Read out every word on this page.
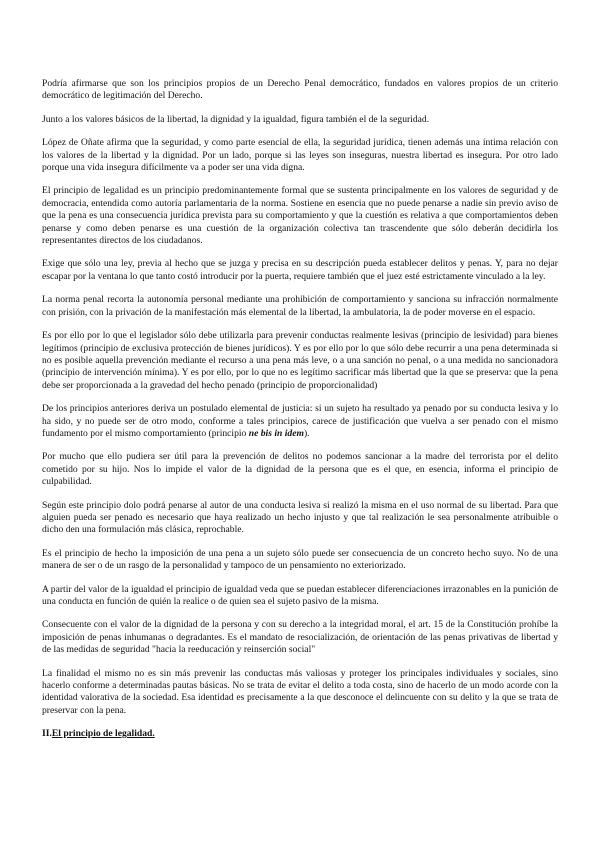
Podría afirmarse que son los principios propios de un Derecho Penal democrático, fundados en valores propios de un criterio democrático de legitimación del Derecho.

Junto a los valores básicos de la libertad, la dignidad y la igualdad, figura también el de la seguridad.

López de Oñate afirma que la seguridad, y como parte esencial de ella, la seguridad jurídica, tienen además una íntima relación con los valores de la libertad y la dignidad. Por un lado, porque si las leyes son inseguras, nuestra libertad es insegura. Por otro lado porque una vida insegura difícilmente va a poder ser una vida digna.

El principio de legalidad es un principio predominantemente formal que se sustenta principalmente en los valores de seguridad y de democracia, entendida como autoría parlamentaria de la norma. Sostiene en esencia que no puede penarse a nadie sin previo aviso de que la pena es una consecuencia jurídica prevista para su comportamiento y que la cuestión es relativa a que comportamientos deben penarse y como deben penarse es una cuestión de la organización colectiva tan trascendente que sólo deberán decidirla los representantes directos de los ciudadanos.

Exige que sólo una ley, previa al hecho que se juzga y precisa en su descripción pueda establecer delitos y penas. Y, para no dejar escapar por la ventana lo que tanto costó introducir por la puerta, requiere también que el juez esté estrictamente vinculado a la ley.

La norma penal recorta la autonomía personal mediante una prohibición de comportamiento y sanciona su infracción normalmente con prisión, con la privación de la manifestación más elemental de la libertad, la ambulatoria, la de poder moverse en el espacio.

Es por ello por lo que el legislador sólo debe utilizarla para prevenir conductas realmente lesivas (principio de lesividad) para bienes legítimos (principio de exclusiva protección de bienes jurídicos). Y es por ello por lo que sólo debe recurrir a una pena determinada si no es posible aquella prevención mediante el recurso a una pena más leve, o a una sanción no penal, o a una medida no sancionadora (principio de intervención mínima). Y es por ello, por lo que no es legítimo sacrificar más libertad que la que se preserva: que la pena debe ser proporcionada a la gravedad del hecho penado (principio de proporcionalidad)

De los principios anteriores deriva un postulado elemental de justicia: si un sujeto ha resultado ya penado por su conducta lesiva y lo ha sido, y no puede ser de otro modo, conforme a tales principios, carece de justificación que vuelva a ser penado con el mismo fundamento por el mismo comportamiento (principio ne bis in idem).

Por mucho que ello pudiera ser útil para la prevención de delitos no podemos sancionar a la madre del terrorista por el delito cometido por su hijo. Nos lo impide el valor de la dignidad de la persona que es el que, en esencia, informa el principio de culpabilidad.

Según este principio dolo podrá penarse al autor de una conducta lesiva si realizó la misma en el uso normal de su libertad. Para que alguien pueda ser penado es necesario que haya realizado un hecho injusto y que tal realización le sea personalmente atribuible o dicho den una formulación más clásica, reprochable.

Es el principio de hecho la imposición de una pena a un sujeto sólo puede ser consecuencia de un concreto hecho suyo. No de una manera de ser o de un rasgo de la personalidad y tampoco de un pensamiento no exteriorizado.

A partir del valor de la igualdad el principio de igualdad veda que se puedan establecer diferenciaciones irrazonables en la punición de una conducta en función de quién la realice o de quien sea el sujeto pasivo de la misma.

Consecuente con el valor de la dignidad de la persona y con su derecho a la integridad moral, el art. 15 de la Constitución prohíbe la imposición de penas inhumanas o degradantes. Es el mandato de resocialización, de orientación de las penas privativas de libertad y de las medidas de seguridad "hacia la reeducación y reinserción social"

La finalidad el mismo no es sin más prevenir las conductas más valiosas y proteger los principales individuales y sociales, sino hacerlo conforme a determinadas pautas básicas. No se trata de evitar el delito a toda costa, sino de hacerlo de un modo acorde con la identidad valorativa de la sociedad. Esa identidad es precisamente a la que desconoce el delincuente con su delito y la que se trata de preservar con la pena.

II.El principio de legalidad.
